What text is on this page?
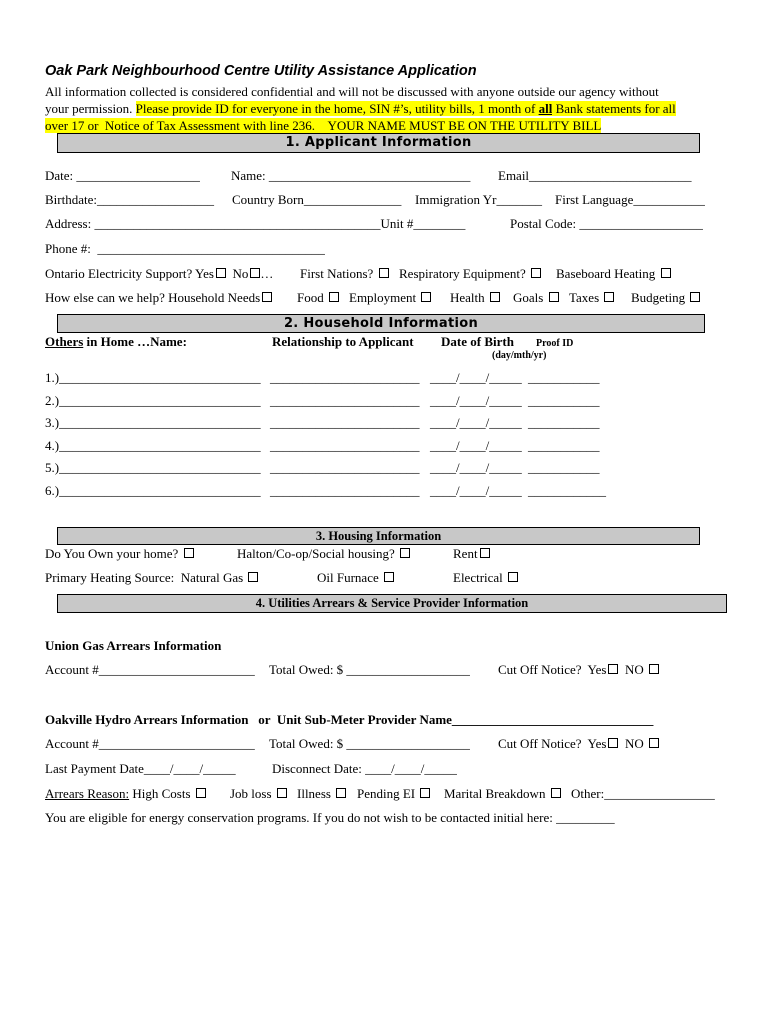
Oak Park Neighbourhood Centre Utility Assistance Application
All information collected is considered confidential and will not be discussed with anyone outside our agency without
your permission. Please provide ID for everyone in the home, SIN #’s, utility bills, 1 month of all Bank statements for all
over 17 or  Notice of Tax Assessment with line 236.    YOUR NAME MUST BE ON THE UTILITY BILL
1. Applicant Information
Date: ___________________ Name: _______________________________ Email_________________________
Birthdate:__________________ Country Born_______________ Immigration Yr_______ First Language___________
Address: ____________________________________________Unit #________	Postal Code: ___________________
Phone #:  ___________________________________
Ontario Electricity Support? Yes No … First Nations?	Respiratory Equipment?	Baseboard Heating
How else can we help? Household Needs	Food	Employment	Health	Goals	Taxes	Budgeting
2. Household Information
Others in Home …Name:	Relationship to Applicant Date of Birth Proof ID
(day/mth/yr)
1.)_______________________________ _______________________ ____/____/_____ ___________
2.)_______________________________ _______________________ ____/____/_____ ___________
3.)_______________________________ _______________________ ____/____/_____ ___________
4.)_______________________________ _______________________ ____/____/_____ ___________
5.)_______________________________ _______________________ ____/____/_____ ___________
6.)_______________________________ _______________________ ____/____/_____ ____________
3. Housing Information
Do You Own your home?	Halton/Co-op/Social housing?	Rent
Primary Heating Source:  Natural Gas	Oil Furnace	Electrical
4. Utilities Arrears & Service Provider Information
Union Gas Arrears Information
Account #________________________ Total Owed: $ ___________________ Cut Off Notice?  Yes NO
Oakville Hydro Arrears Information   or  Unit Sub-Meter Provider Name_______________________________
Account #________________________ Total Owed: $ ___________________ Cut Off Notice?  Yes NO
Last Payment Date____/____/_____	Disconnect Date: ____/____/_____
Arrears Reason: High Costs	Job loss	Illness	Pending EI	Marital Breakdown	Other:_________________
You are eligible for energy conservation programs. If you do not wish to be contacted initial here: _________
